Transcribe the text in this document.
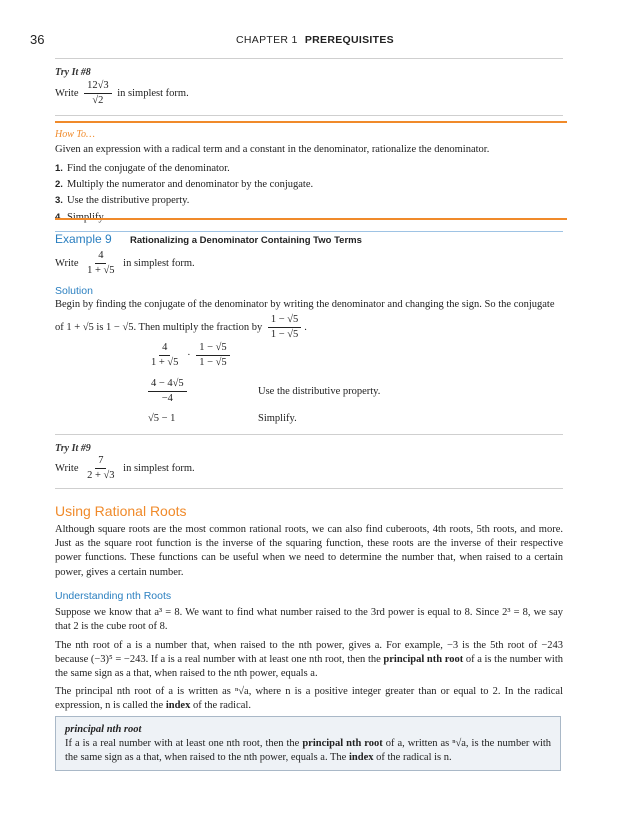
36	CHAPTER 1 PREREQUISITES
Try It #8
Write $\frac{12√3}{√2}$ in simplest form.
How To…
Given an expression with a radical term and a constant in the denominator, rationalize the denominator.
1. Find the conjugate of the denominator.
2. Multiply the numerator and denominator by the conjugate.
3. Use the distributive property.
Example 9 Rationalizing a Denominator Containing Two Terms
Write $\frac{4}{1 + √5}$ in simplest form.
Solution
Begin by finding the conjugate of the denominator by writing the denominator and changing the sign. So the conjugate
of 1 + √5 is 1 − √5. Then multiply the fraction by $\frac{1 - √5}{1 - √5}$ .
$\frac{4}{1 + √5} \cdot \frac{1 - √5}{1 - √5}$
$\frac{4 - 4√5}{-4}$	Use the distributive property.
√5 − 1	Simplify.
Try It #9
Write $\frac{7}{2 + √3}$ in simplest form.
Using Rational Roots
Although square roots are the most common rational roots, we can also find cuberoots, 4th roots, 5th roots, and more. Just as the square root function is the inverse of the squaring function, these roots are the inverse of their respective power functions. These functions can be useful when we need to determine the number that, when raised to a certain power, gives a certain number.
Understanding nth Roots
Suppose we know that a³ = 8. We want to find what number raised to the 3rd power is equal to 8. Since 2³ = 8, we say that 2 is the cube root of 8.
The nth root of a is a number that, when raised to the nth power, gives a. For example, −3 is the 5th root of −243 because (−3)⁵ = −243. If a is a real number with at least one nth root, then the principal nth root of a is the number with the same sign as a that, when raised to the nth power, equals a.
The principal nth root of a is written as ⁿ√a, where n is a positive integer greater than or equal to 2. In the radical expression, n is called the index of the radical.
principal nth root
If a is a real number with at least one nth root, then the principal nth root of a, written as ⁿ√a, is the number with the same sign as a that, when raised to the nth power, equals a. The index of the radical is n.
